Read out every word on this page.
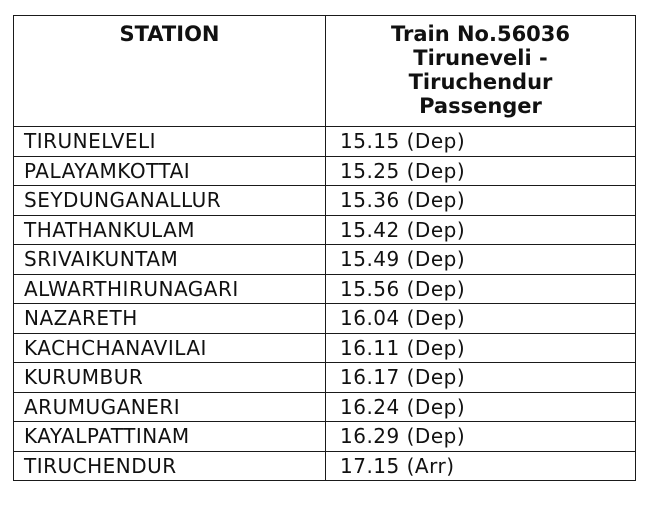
STATION	Train No.56036
Tiruneveli -
Tiruchendur
Passenger

TIRUNELVELI	15.15 (Dep)
PALAYAMKOTTAI	15.25 (Dep)
SEYDUNGANALLUR	15.36 (Dep)
THATHANKULAM	15.42 (Dep)
SRIVAIKUNTAM	15.49 (Dep)
ALWARTHIRUNAGARI	15.56 (Dep)
NAZARETH	16.04 (Dep)
KACHCHANAVILAI	16.11 (Dep)
KURUMBUR	16.17 (Dep)
ARUMUGANERI	16.24 (Dep)
KAYALPATTINAM	16.29 (Dep)
TIRUCHENDUR	17.15 (Arr)
